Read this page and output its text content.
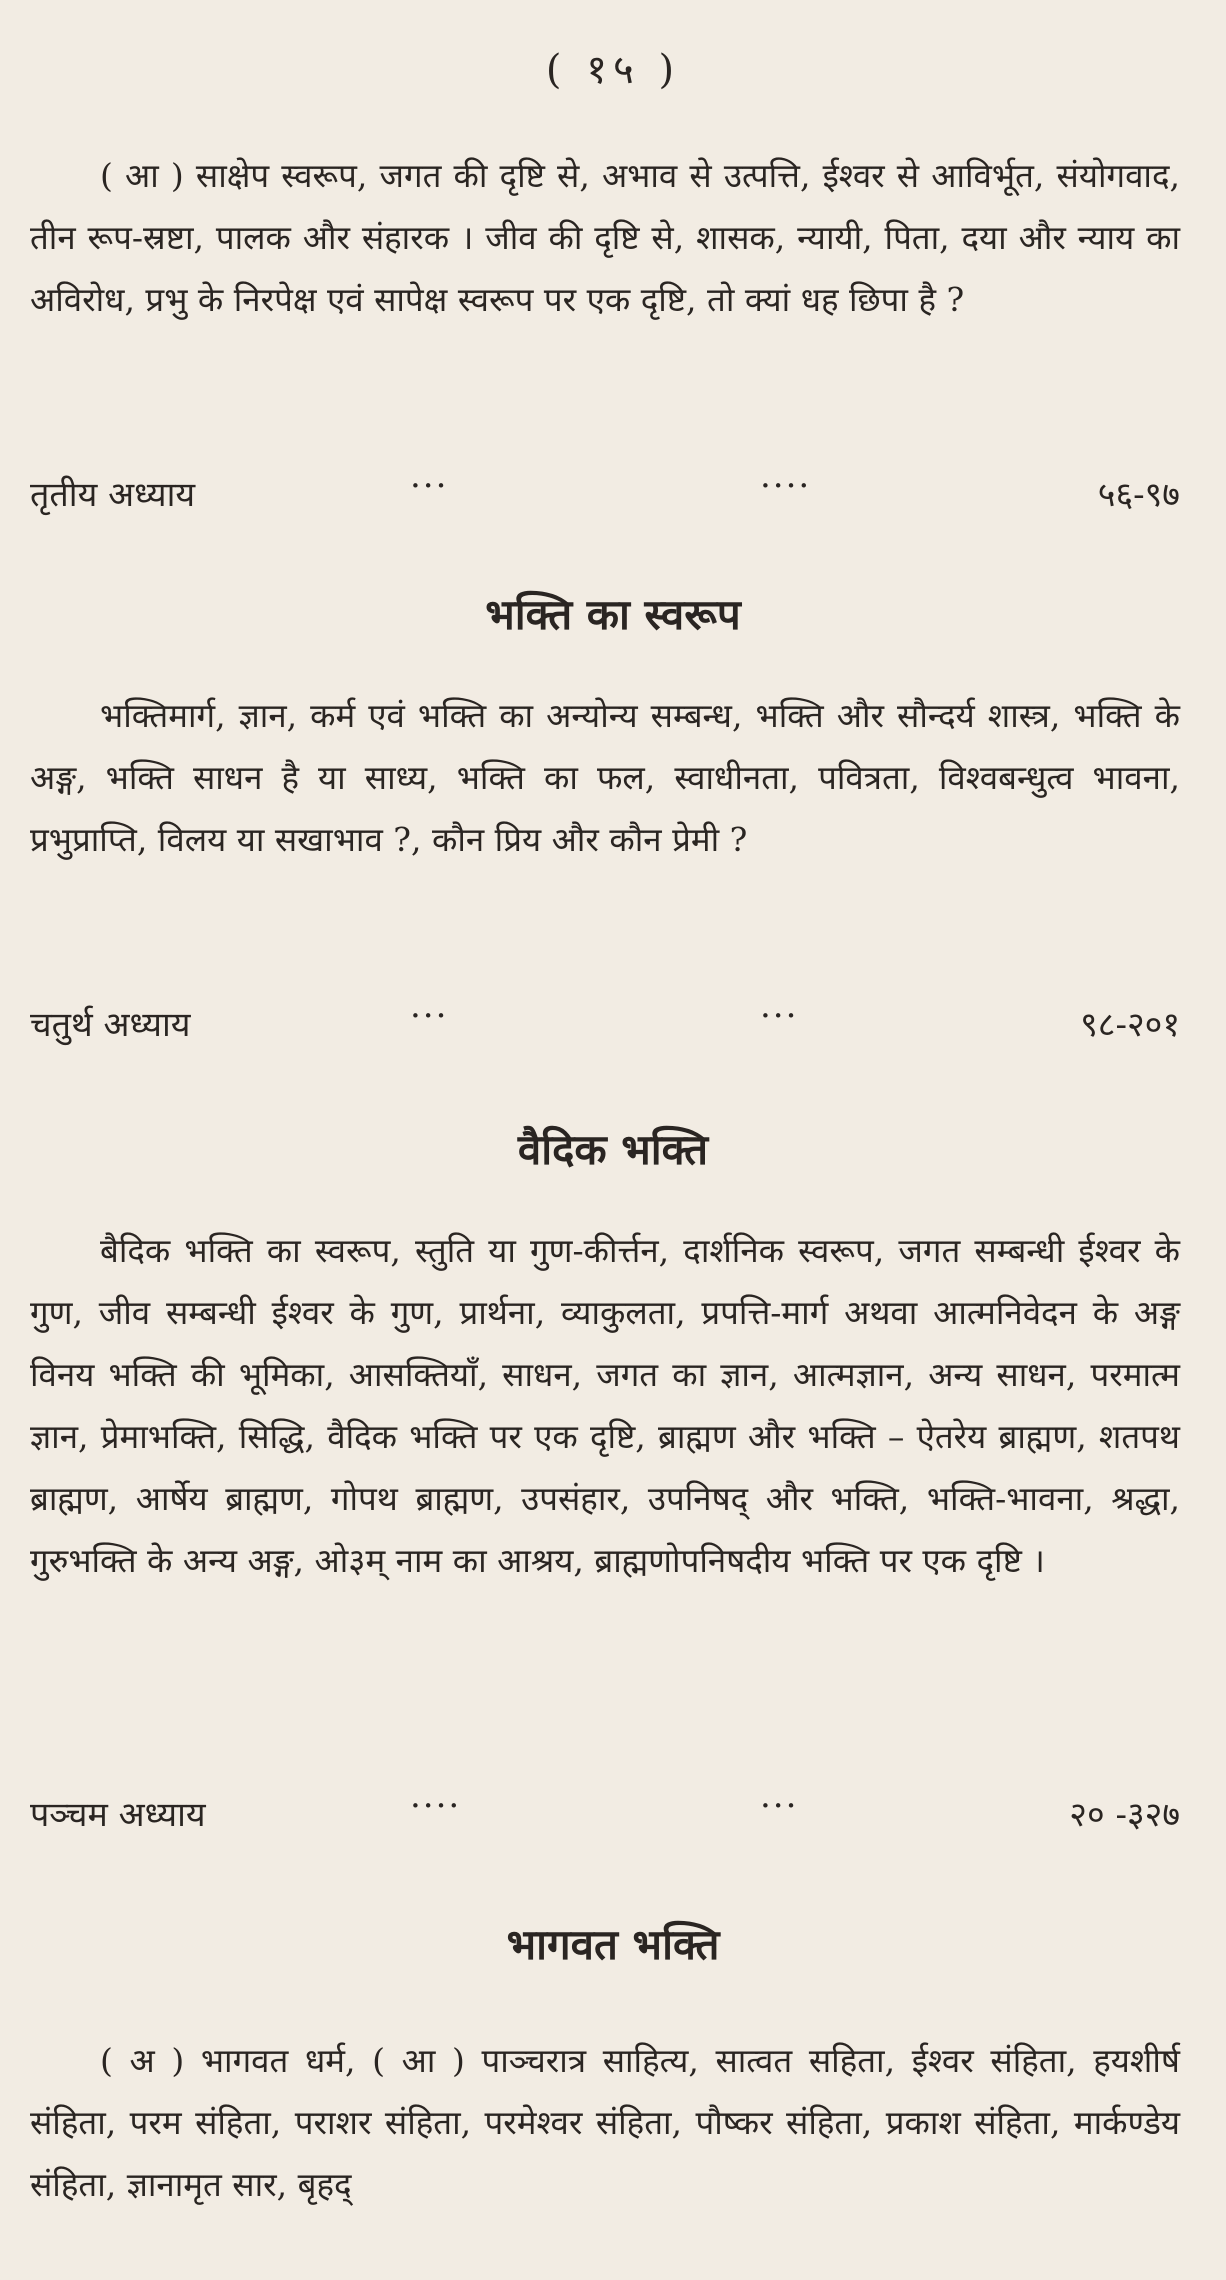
( १५ )

( आ ) साक्षेप स्वरूप, जगत की दृष्टि से, अभाव से उत्पत्ति, ईश्वर से आविर्भूत, संयोगवाद, तीन रूप-स्रष्टा, पालक और संहारक । जीव की दृष्टि से, शासक, न्यायी, पिता, दया और न्याय का अविरोध, प्रभु के निरपेक्ष एवं सापेक्ष स्वरूप पर एक दृष्टि, तो क्यां धह छिपा है ?

तृतीय अध्याय	...	....	५६-९७
भक्ति का स्वरूप

भक्तिमार्ग, ज्ञान, कर्म एवं भक्ति का अन्योन्य सम्बन्ध, भक्ति और सौन्दर्य शास्त्र, भक्ति के अङ्ग, भक्ति साधन है या साध्य, भक्ति का फल, स्वाधीनता, पवित्रता, विश्वबन्धुत्व भावना, प्रभुप्राप्ति, विलय या सखाभाव ?, कौन प्रिय और कौन प्रेमी ?

चतुर्थ अध्याय	...	...	९८-२०१
वैदिक भक्ति

बैदिक भक्ति का स्वरूप, स्तुति या गुण-कीर्त्तन, दार्शनिक स्वरूप, जगत सम्बन्धी ईश्वर के गुण, जीव सम्बन्धी ईश्वर के गुण, प्रार्थना, व्याकुलता, प्रपत्ति-मार्ग अथवा आत्मनिवेदन के अङ्ग विनय भक्ति की भूमिका, आसक्तियाँ, साधन, जगत का ज्ञान, आत्मज्ञान, अन्य साधन, परमात्म ज्ञान, प्रेमाभक्ति, सिद्धि, वैदिक भक्ति पर एक दृष्टि, ब्राह्मण और भक्ति – ऐतरेय ब्राह्मण, शतपथ ब्राह्मण, आर्षेय ब्राह्मण, गोपथ ब्राह्मण, उपसंहार, उपनिषद् और भक्ति, भक्ति-भावना, श्रद्धा, गुरुभक्ति के अन्य अङ्ग, ओ३म् नाम का आश्रय, ब्राह्मणोपनिषदीय भक्ति पर एक दृष्टि ।

पञ्चम अध्याय	....	...	२० -३२७
भागवत भक्ति

( अ ) भागवत धर्म, ( आ ) पाञ्चरात्र साहित्य, सात्वत सहिता, ईश्वर संहिता, हयशीर्ष संहिता, परम संहिता, पराशर संहिता, परमेश्वर संहिता, पौष्कर संहिता, प्रकाश संहिता, मार्कण्डेय संहिता, ज्ञानामृत सार, बृहद्
